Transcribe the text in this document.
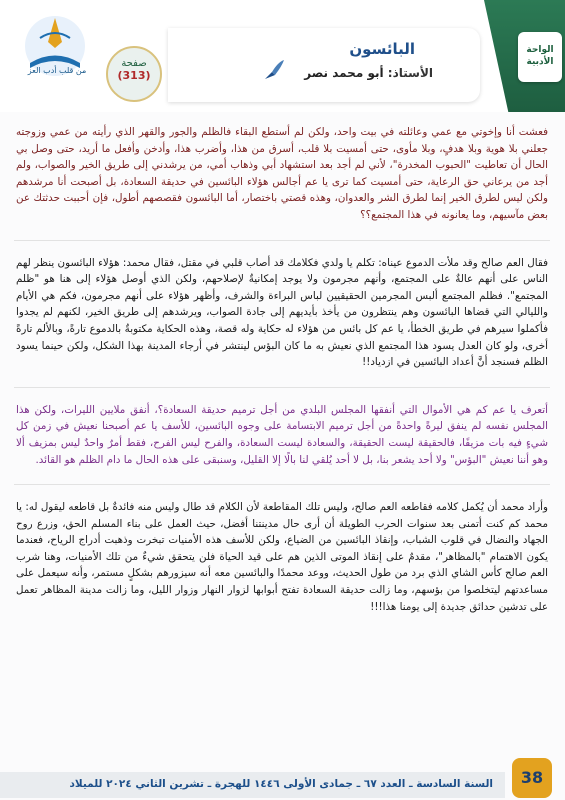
من قلب أدب العز
صفحة
(313)
البائسون
الأستاذ: أبو محمد نصر
الواحة
الأدبية

فعشت أنا وإخوتي مع عمي وعائلته في بيت واحد، ولكن لم أستطع البقاء فالظلم والجور والقهر الذي رأيته من عمي وزوجته جعلني بلا هوية وبلا هدفٍ، وبلا مأوى، حتى أمسيت بلا قلب، أسرق من هذا، وأضرب هذا، وأدخن وأفعل ما أريد، حتى وصل بي الحال أن تعاطيت "الحبوب المخدرة"، لأني لم أجد بعد استشهاد أبي وذهاب أمي، من يرشدني إلى طريق الخير والصواب، ولم أجد من يرعاني حق الرعاية، حتى أمسيت كما ترى يا عم أجالس هؤلاء البائسين في حديقة السعادة، بل أصبحت أنا مرشدهم ولكن ليس لطرق الخير إنما لطرق الشر والعدوان، وهذه قصتي باختصار، أما البائسون فقصصهم أطول، فإن أحببت حدثتك عن بعض مآسيهم، وما يعانونه في هذا المجتمع؟؟

فقال العم صالح وقد ملأت الدموع عيناه: تكلم يا ولدي فكلامك قد أصاب قلبي في مقتل، فقال محمد: هؤلاء البائسون ينظر لهم الناس على أنهم عالةٌ على المجتمع، وأنهم مجرمون ولا يوجد إمكانيةٌ لإصلاحهم، ولكن الذي أوصل هؤلاء إلى هنا هو "ظلم المجتمع". فظلم المجتمع ألبس المجرمين الحقيقيين لباس البراءة والشرف، وأظهر هؤلاء على أنهم مجرمون، فكم هي الأيام والليالي التي قضاها البائسون وهم ينتظرون من يأخذ بأيديهم إلى جادة الصواب، ويرشدهم إلى طريق الخير، لكنهم لم يجدوا فأكملوا سيرهم في طريق الخطأ، يا عم كل بائس من هؤلاء له حكاية وله قصة، وهذه الحكاية مكتوبةٌ بالدموع تارةً، وبالألم تارةً أخرى، ولو كان العدل يسود هذا المجتمع الذي نعيش به ما كان البؤس لينتشر في أرجاء المدينة بهذا الشكل، ولكن حينما يسود الظلم فسنجد أنَّ أعداد البائسين في ازدياد!!

أتعرف يا عم كم هي الأموال التي أنفقها المجلس البلدي من أجل ترميم حديقة السعادة؟، أنفق ملايين الليرات، ولكن هذا المجلس نفسه لم ينفق ليرةً واحدةً من أجل ترميم الابتسامة على وجوه البائسين، للأسف يا عم أصبحنا نعيش في زمن كل شيءٍ فيه بات مزيفًا، فالحقيقة ليست الحقيقة، والسعادة ليست السعادة، والفرح ليس الفرح، فقط أمرٌ واحدٌ ليس بمزيف ألا وهو أننا نعيش "البؤس" ولا أحد يشعر بنا، بل لا أحد يُلقي لنا بالًا إلا القليل، وسنبقى على هذه الحال ما دام الظلم هو القائد.

وأراد محمد أن يُكمل كلامه فقاطعه العم صالح، وليس تلك المقاطعة لأن الكلام قد طال وليس منه فائدةٌ بل قاطعه ليقول له: يا محمد كم كنت أتمنى بعد سنوات الحرب الطويلة أن أرى حال مدينتنا أفضل، حيث العمل على بناء المسلم الحق، وزرع روح الجهاد والنضال في قلوب الشباب، وإنقاذ البائسين من الضياع، ولكن للأسف هذه الأمنيات تبخرت وذهبت أدراج الرياح، فعندما يكون الاهتمام "بالمظاهر"، مقدمٌ على إنقاذ الموتى الذين هم على قيد الحياة فلن يتحقق شيءٌ من تلك الأمنيات، وهنا شرب العم صالح كأس الشاي الذي برد من طول الحديث، ووعد محمدًا والبائسين معه أنه سيزورهم بشكلٍ مستمر، وأنه سيعمل على مساعدتهم ليتخلصوا من بؤسهم، وما زالت حديقة السعادة تفتح أبوابها لزوار النهار وزوار الليل، وما زالت مدينة المظاهر تعمل على تدشين حدائق جديدة إلى يومنا هذا!!!

السنة السادسة ـ العدد ٦٧ ـ جمادى الأولى ١٤٤٦ للهجرة ـ تشرين الثاني ٢٠٢٤ للميلاد	38
